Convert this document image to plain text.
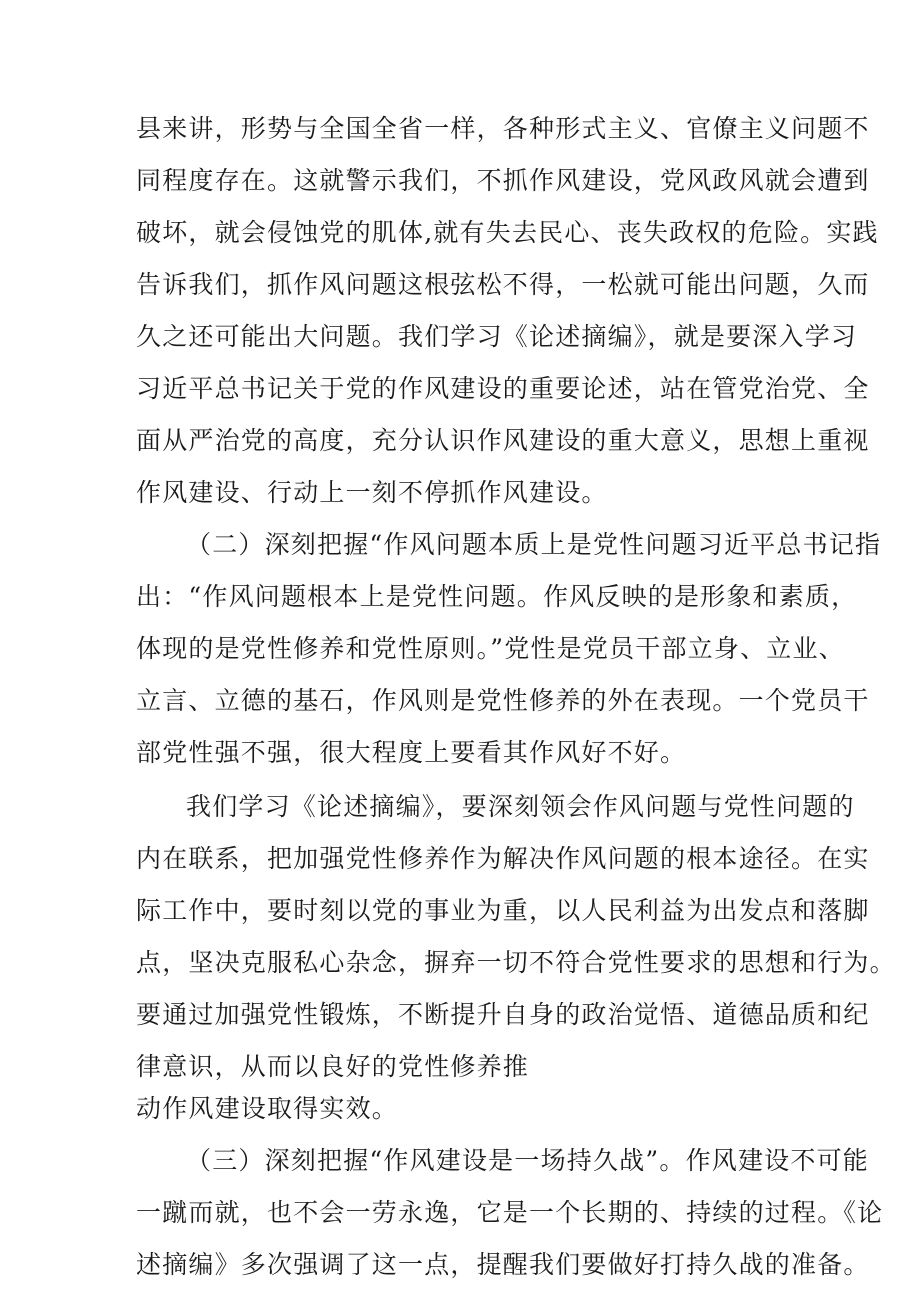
县来讲，形势与全国全省一样，各种形式主义、官僚主义问题不

同程度存在。这就警示我们，不抓作风建设，党风政风就会遭到

破坏，就会侵蚀党的肌体,就有失去民心、丧失政权的危险。实践

告诉我们，抓作风问题这根弦松不得，一松就可能出问题，久而

久之还可能出大问题。我们学习《论述摘编》，就是要深入学习

习近平总书记关于党的作风建设的重要论述，站在管党治党、全

面从严治党的高度，充分认识作风建设的重大意义，思想上重视

作风建设、行动上一刻不停抓作风建设。

（二）深刻把握“作风问题本质上是党性问题习近平总书记指

出：“作风问题根本上是党性问题。作风反映的是形象和素质，

体现的是党性修养和党性原则。”党性是党员干部立身、立业、

立言、立德的基石，作风则是党性修养的外在表现。一个党员干

部党性强不强，很大程度上要看其作风好不好。

我们学习《论述摘编》，要深刻领会作风问题与党性问题的

内在联系，把加强党性修养作为解决作风问题的根本途径。在实

际工作中，要时刻以党的事业为重，以人民利益为出发点和落脚

点，坚决克服私心杂念，摒弃一切不符合党性要求的思想和行为。

要通过加强党性锻炼，不断提升自身的政治觉悟、道德品质和纪

律意识，从而以良好的党性修养推

动作风建设取得实效。

（三）深刻把握“作风建设是一场持久战”。作风建设不可能

一蹴而就，也不会一劳永逸，它是一个长期的、持续的过程。《论

述摘编》多次强调了这一点，提醒我们要做好打持久战的准备。
